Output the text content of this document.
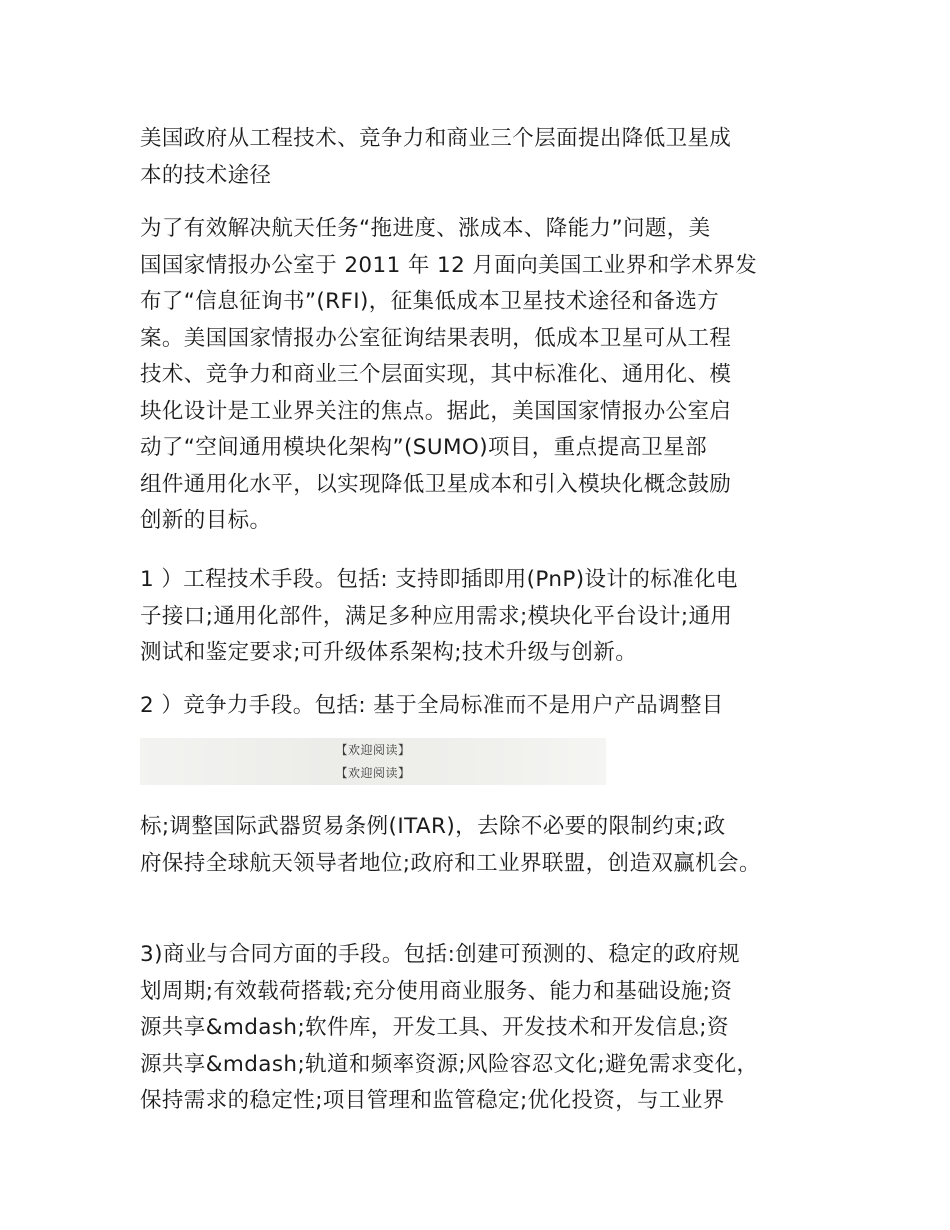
美国政府从工程技术、竞争力和商业三个层面提出降低卫星成
本的技术途径
为了有效解决航天任务“拖进度、涨成本、降能力”问题，美
国国家情报办公室于 2011 年 12 月面向美国工业界和学术界发
布了“信息征询书”(RFI)，征集低成本卫星技术途径和备选方
案。美国国家情报办公室征询结果表明，低成本卫星可从工程
技术、竞争力和商业三个层面实现，其中标准化、通用化、模
块化设计是工业界关注的焦点。据此，美国国家情报办公室启
动了“空间通用模块化架构”(SUMO)项目，重点提高卫星部
组件通用化水平，以实现降低卫星成本和引入模块化概念鼓励
创新的目标。
1 ）工程技术手段。包括: 支持即插即用(PnP)设计的标准化电
子接口;通用化部件，满足多种应用需求;模块化平台设计;通用
测试和鉴定要求;可升级体系架构;技术升级与创新。
2 ）竞争力手段。包括: 基于全局标准而不是用户产品调整目
【欢迎阅读】
【欢迎阅读】
标;调整国际武器贸易条例(ITAR)，去除不必要的限制约束;政
府保持全球航天领导者地位;政府和工业界联盟，创造双赢机会。
3)商业与合同方面的手段。包括:创建可预测的、稳定的政府规
划周期;有效载荷搭载;充分使用商业服务、能力和基础设施;资
源共享&mdash;软件库，开发工具、开发技术和开发信息;资
源共享&mdash;轨道和频率资源;风险容忍文化;避免需求变化，
保持需求的稳定性;项目管理和监管稳定;优化投资，与工业界
